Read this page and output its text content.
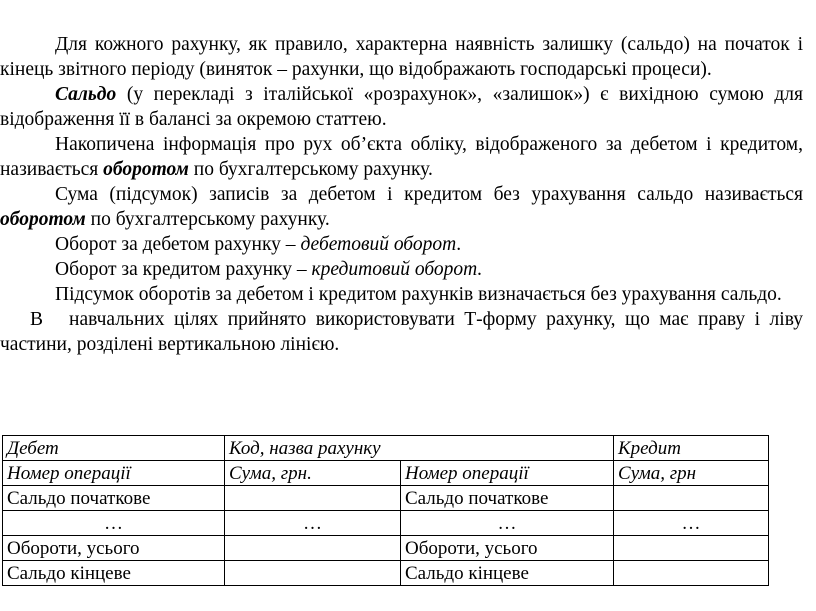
Для кожного рахунку, як правило, характерна наявність залишку (сальдо) на початок і кінець звітного періоду (виняток – рахунки, що відображають господарські процеси).

Сальдо (у перекладі з італійської «розрахунок», «залишок») є вихідною сумою для відображення її в балансі за окремою статтею.

Накопичена інформація про рух об’єкта обліку, відображеного за дебетом і кредитом, називається оборотом по бухгалтерському рахунку.

Сума (підсумок) записів за дебетом і кредитом без урахування сальдо називається оборотом по бухгалтерському рахунку.

Оборот за дебетом рахунку – дебетовий оборот.

Оборот за кредитом рахунку – кредитовий оборот.

Підсумок оборотів за дебетом і кредитом рахунків визначається без урахування сальдо.

В навчальних цілях прийнято використовувати Т-форму рахунку, що має праву і ліву частини, розділені вертикальною лінією.

Дебет	Код, назва рахунку		Кредит
Номер операції	Сума, грн.	Номер операції	Сума, грн
Сальдо початкове		Сальдо початкове	
…	…	…	…
Обороти, усього		Обороти, усього	
Сальдо кінцеве		Сальдо кінцеве	
